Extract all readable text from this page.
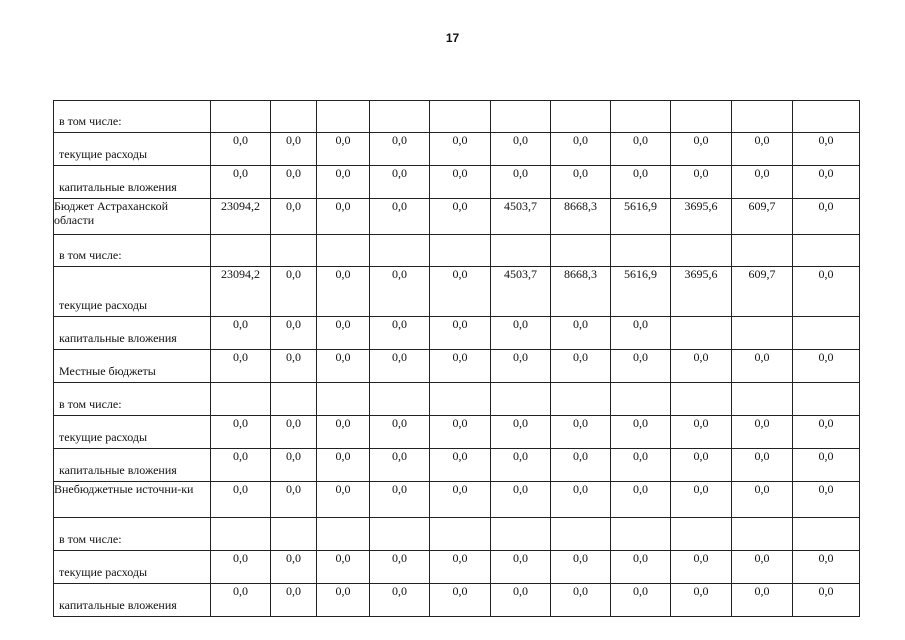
17
в том числе:											
текущие расходы	0,0	0,0	0,0	0,0	0,0	0,0	0,0	0,0	0,0	0,0	0,0
капитальные вложения	0,0	0,0	0,0	0,0	0,0	0,0	0,0	0,0	0,0	0,0	0,0
Бюджет Астраханской области	23094,2	0,0	0,0	0,0	0,0	4503,7	8668,3	5616,9	3695,6	609,7	0,0
в том числе:											
текущие расходы	23094,2	0,0	0,0	0,0	0,0	4503,7	8668,3	5616,9	3695,6	609,7	0,0
капитальные вложения	0,0	0,0	0,0	0,0	0,0	0,0	0,0	0,0			
Местные бюджеты	0,0	0,0	0,0	0,0	0,0	0,0	0,0	0,0	0,0	0,0	0,0
в том числе:											
текущие расходы	0,0	0,0	0,0	0,0	0,0	0,0	0,0	0,0	0,0	0,0	0,0
капитальные вложения	0,0	0,0	0,0	0,0	0,0	0,0	0,0	0,0	0,0	0,0	0,0
Внебюджетные источни-ки	0,0	0,0	0,0	0,0	0,0	0,0	0,0	0,0	0,0	0,0	0,0
в том числе:											
текущие расходы	0,0	0,0	0,0	0,0	0,0	0,0	0,0	0,0	0,0	0,0	0,0
капитальные вложения	0,0	0,0	0,0	0,0	0,0	0,0	0,0	0,0	0,0	0,0	0,0
